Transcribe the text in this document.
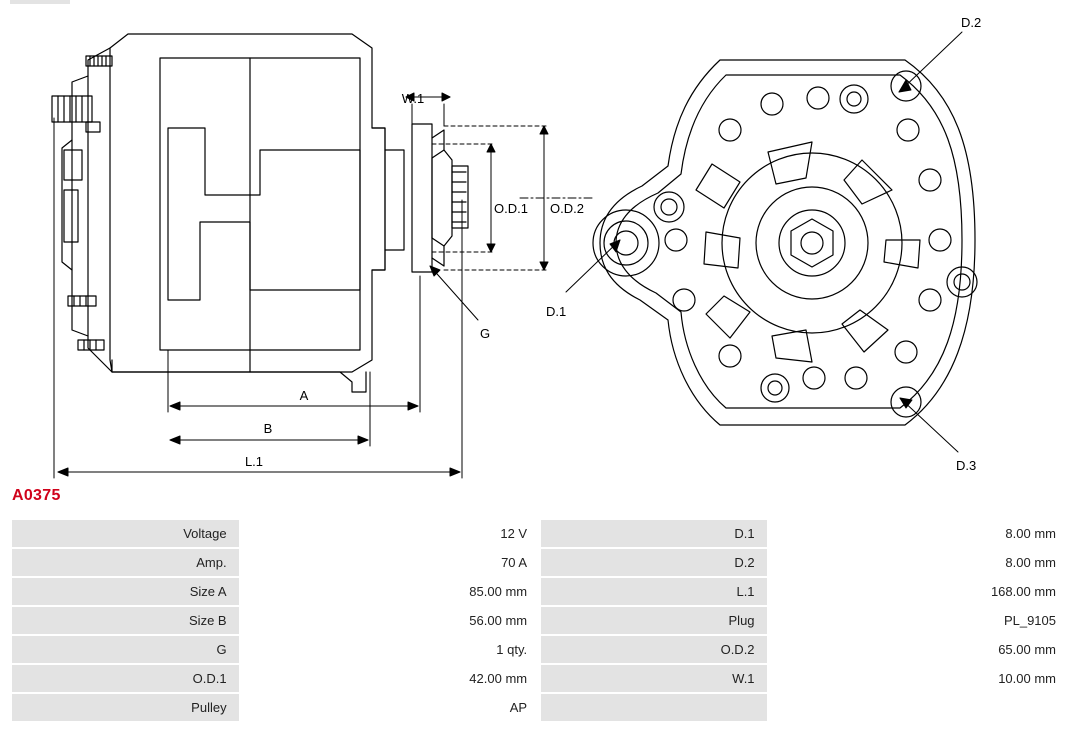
W.1
O.D.1 O.D.2
G
A
B
L.1
D.1
D.2
D.3
A0375
Voltage	12 V	D.1	8.00 mm
Amp.	70 A	D.2	8.00 mm
Size A	85.00 mm	L.1	168.00 mm
Size B	56.00 mm	Plug	PL_9105
G	1 qty.	O.D.2	65.00 mm
O.D.1	42.00 mm	W.1	10.00 mm
Pulley	AP		
